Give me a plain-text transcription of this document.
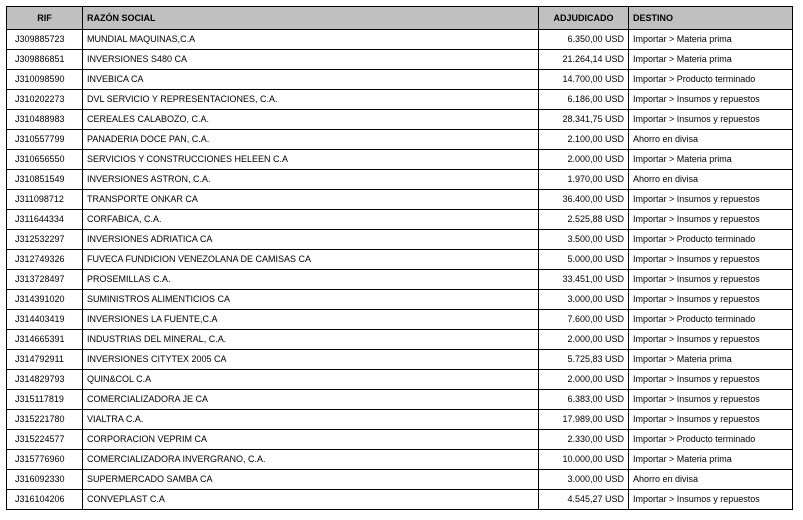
RIF	RAZÓN SOCIAL	ADJUDICADO	DESTINO
J309885723	MUNDIAL MAQUINAS,C.A	6.350,00 USD	Importar > Materia prima
J309886851	INVERSIONES S480 CA	21.264,14 USD	Importar > Materia prima
J310098590	INVEBICA CA	14.700,00 USD	Importar > Producto terminado
J310202273	DVL SERVICIO Y REPRESENTACIONES, C.A.	6.186,00 USD	Importar > Insumos y repuestos
J310488983	CEREALES CALABOZO, C.A.	28.341,75 USD	Importar > Insumos y repuestos
J310557799	PANADERIA DOCE PAN, C.A.	2.100,00 USD	Ahorro en divisa
J310656550	SERVICIOS Y CONSTRUCCIONES HELEEN C.A	2.000,00 USD	Importar > Materia prima
J310851549	INVERSIONES ASTRON, C.A.	1.970,00 USD	Ahorro en divisa
J311098712	TRANSPORTE ONKAR CA	36.400,00 USD	Importar > Insumos y repuestos
J311644334	CORFABICA, C.A.	2.525,88 USD	Importar > Insumos y repuestos
J312532297	INVERSIONES ADRIATICA CA	3.500,00 USD	Importar > Producto terminado
J312749326	FUVECA FUNDICION VENEZOLANA DE CAMISAS CA	5.000,00 USD	Importar > Insumos y repuestos
J313728497	PROSEMILLAS C.A.	33.451,00 USD	Importar > Insumos y repuestos
J314391020	SUMINISTROS ALIMENTICIOS CA	3.000,00 USD	Importar > Insumos y repuestos
J314403419	INVERSIONES LA FUENTE,C.A	7.600,00 USD	Importar > Producto terminado
J314665391	INDUSTRIAS DEL MINERAL, C.A.	2.000,00 USD	Importar > Insumos y repuestos
J314792911	INVERSIONES CITYTEX 2005 CA	5.725,83 USD	Importar > Materia prima
J314829793	QUIN&COL C.A	2.000,00 USD	Importar > Insumos y repuestos
J315117819	COMERCIALIZADORA JE CA	6.383,00 USD	Importar > Insumos y repuestos
J315221780	VIALTRA C.A.	17.989,00 USD	Importar > Insumos y repuestos
J315224577	CORPORACION VEPRIM CA	2.330,00 USD	Importar > Producto terminado
J315776960	COMERCIALIZADORA INVERGRANO, C.A.	10.000,00 USD	Importar > Materia prima
J316092330	SUPERMERCADO SAMBA CA	3.000,00 USD	Ahorro en divisa
J316104206	CONVEPLAST C.A	4.545,27 USD	Importar > Insumos y repuestos
